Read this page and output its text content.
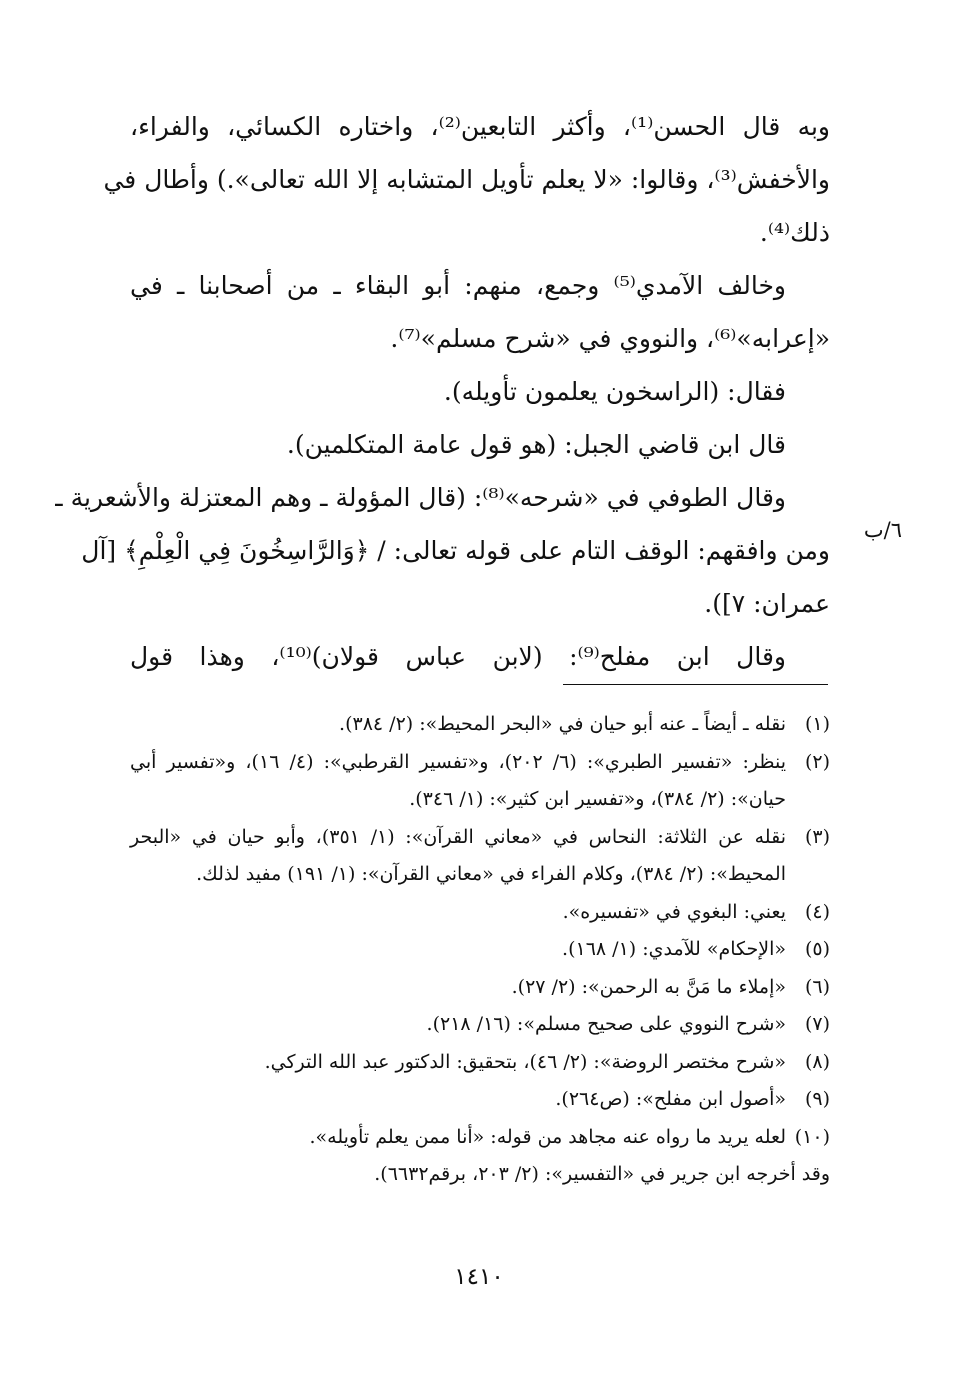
وبه قال الحسن⁽¹⁾، وأكثر التابعين⁽²⁾، واختاره الكسائي، والفراء،
والأخفش⁽³⁾، وقالوا: «لا يعلم تأويل المتشابه إلا الله تعالى».) وأطال في
ذلك⁽⁴⁾.
وخالف الآمدي⁽⁵⁾ وجمع، منهم: أبو البقاء ـ من أصحابنا ـ في
«إعرابه»⁽⁶⁾، والنووي في «شرح مسلم»⁽⁷⁾.
فقال: (الراسخون يعلمون تأويله).
قال ابن قاضي الجبل: (هو قول عامة المتكلمين).
وقال الطوفي في «شرحه»⁽⁸⁾: (قال المؤولة ـ وهم المعتزلة والأشعرية ـ
ومن وافقهم: الوقف التام على قوله تعالى: / ﴿وَالرَّاسِخُونَ فِي الْعِلْمِ﴾ [آل
عمران: ٧]).
وقال ابن مفلح⁽⁹⁾: (لابن عباس قولان)⁽¹⁰⁾، وهذا قول
٦/ب
(١)
نقله ـ أيضاً ـ عنه أبو حيان في «البحر المحيط»: (٢/ ٣٨٤).
(٢)
ينظر: «تفسير الطبري»: (٦/ ٢٠٢)، و«تفسير القرطبي»: (٤/ ١٦)، و«تفسير أبي
حيان»: (٢/ ٣٨٤)، و«تفسير ابن كثير»: (١/ ٣٤٦).
(٣)
نقله عن الثلاثة: النحاس في «معاني القرآن»: (١/ ٣٥١)، وأبو حيان في «البحر
المحيط»: (٢/ ٣٨٤)، وكلام الفراء في «معاني القرآن»: (١/ ١٩١) مفيد لذلك.
(٤)
يعني: البغوي في «تفسيره».
(٥)
«الإحكام» للآمدي: (١/ ١٦٨).
(٦)
«إملاء ما مَنَّ به الرحمن»: (٢/ ٢٧).
(٧)
«شرح النووي على صحيح مسلم»: (١٦/ ٢١٨).
(٨)
«شرح مختصر الروضة»: (٢/ ٤٦)، بتحقيق: الدكتور عبد الله التركي.
(٩)
«أصول ابن مفلح»: (ص٢٦٤).
(١٠)
لعله يريد ما رواه عنه مجاهد من قوله: «أنا ممن يعلم تأويله».
وقد أخرجه ابن جرير في «التفسير»: (٢/ ٢٠٣، برقم٦٦٣٢).
١٤١٠
